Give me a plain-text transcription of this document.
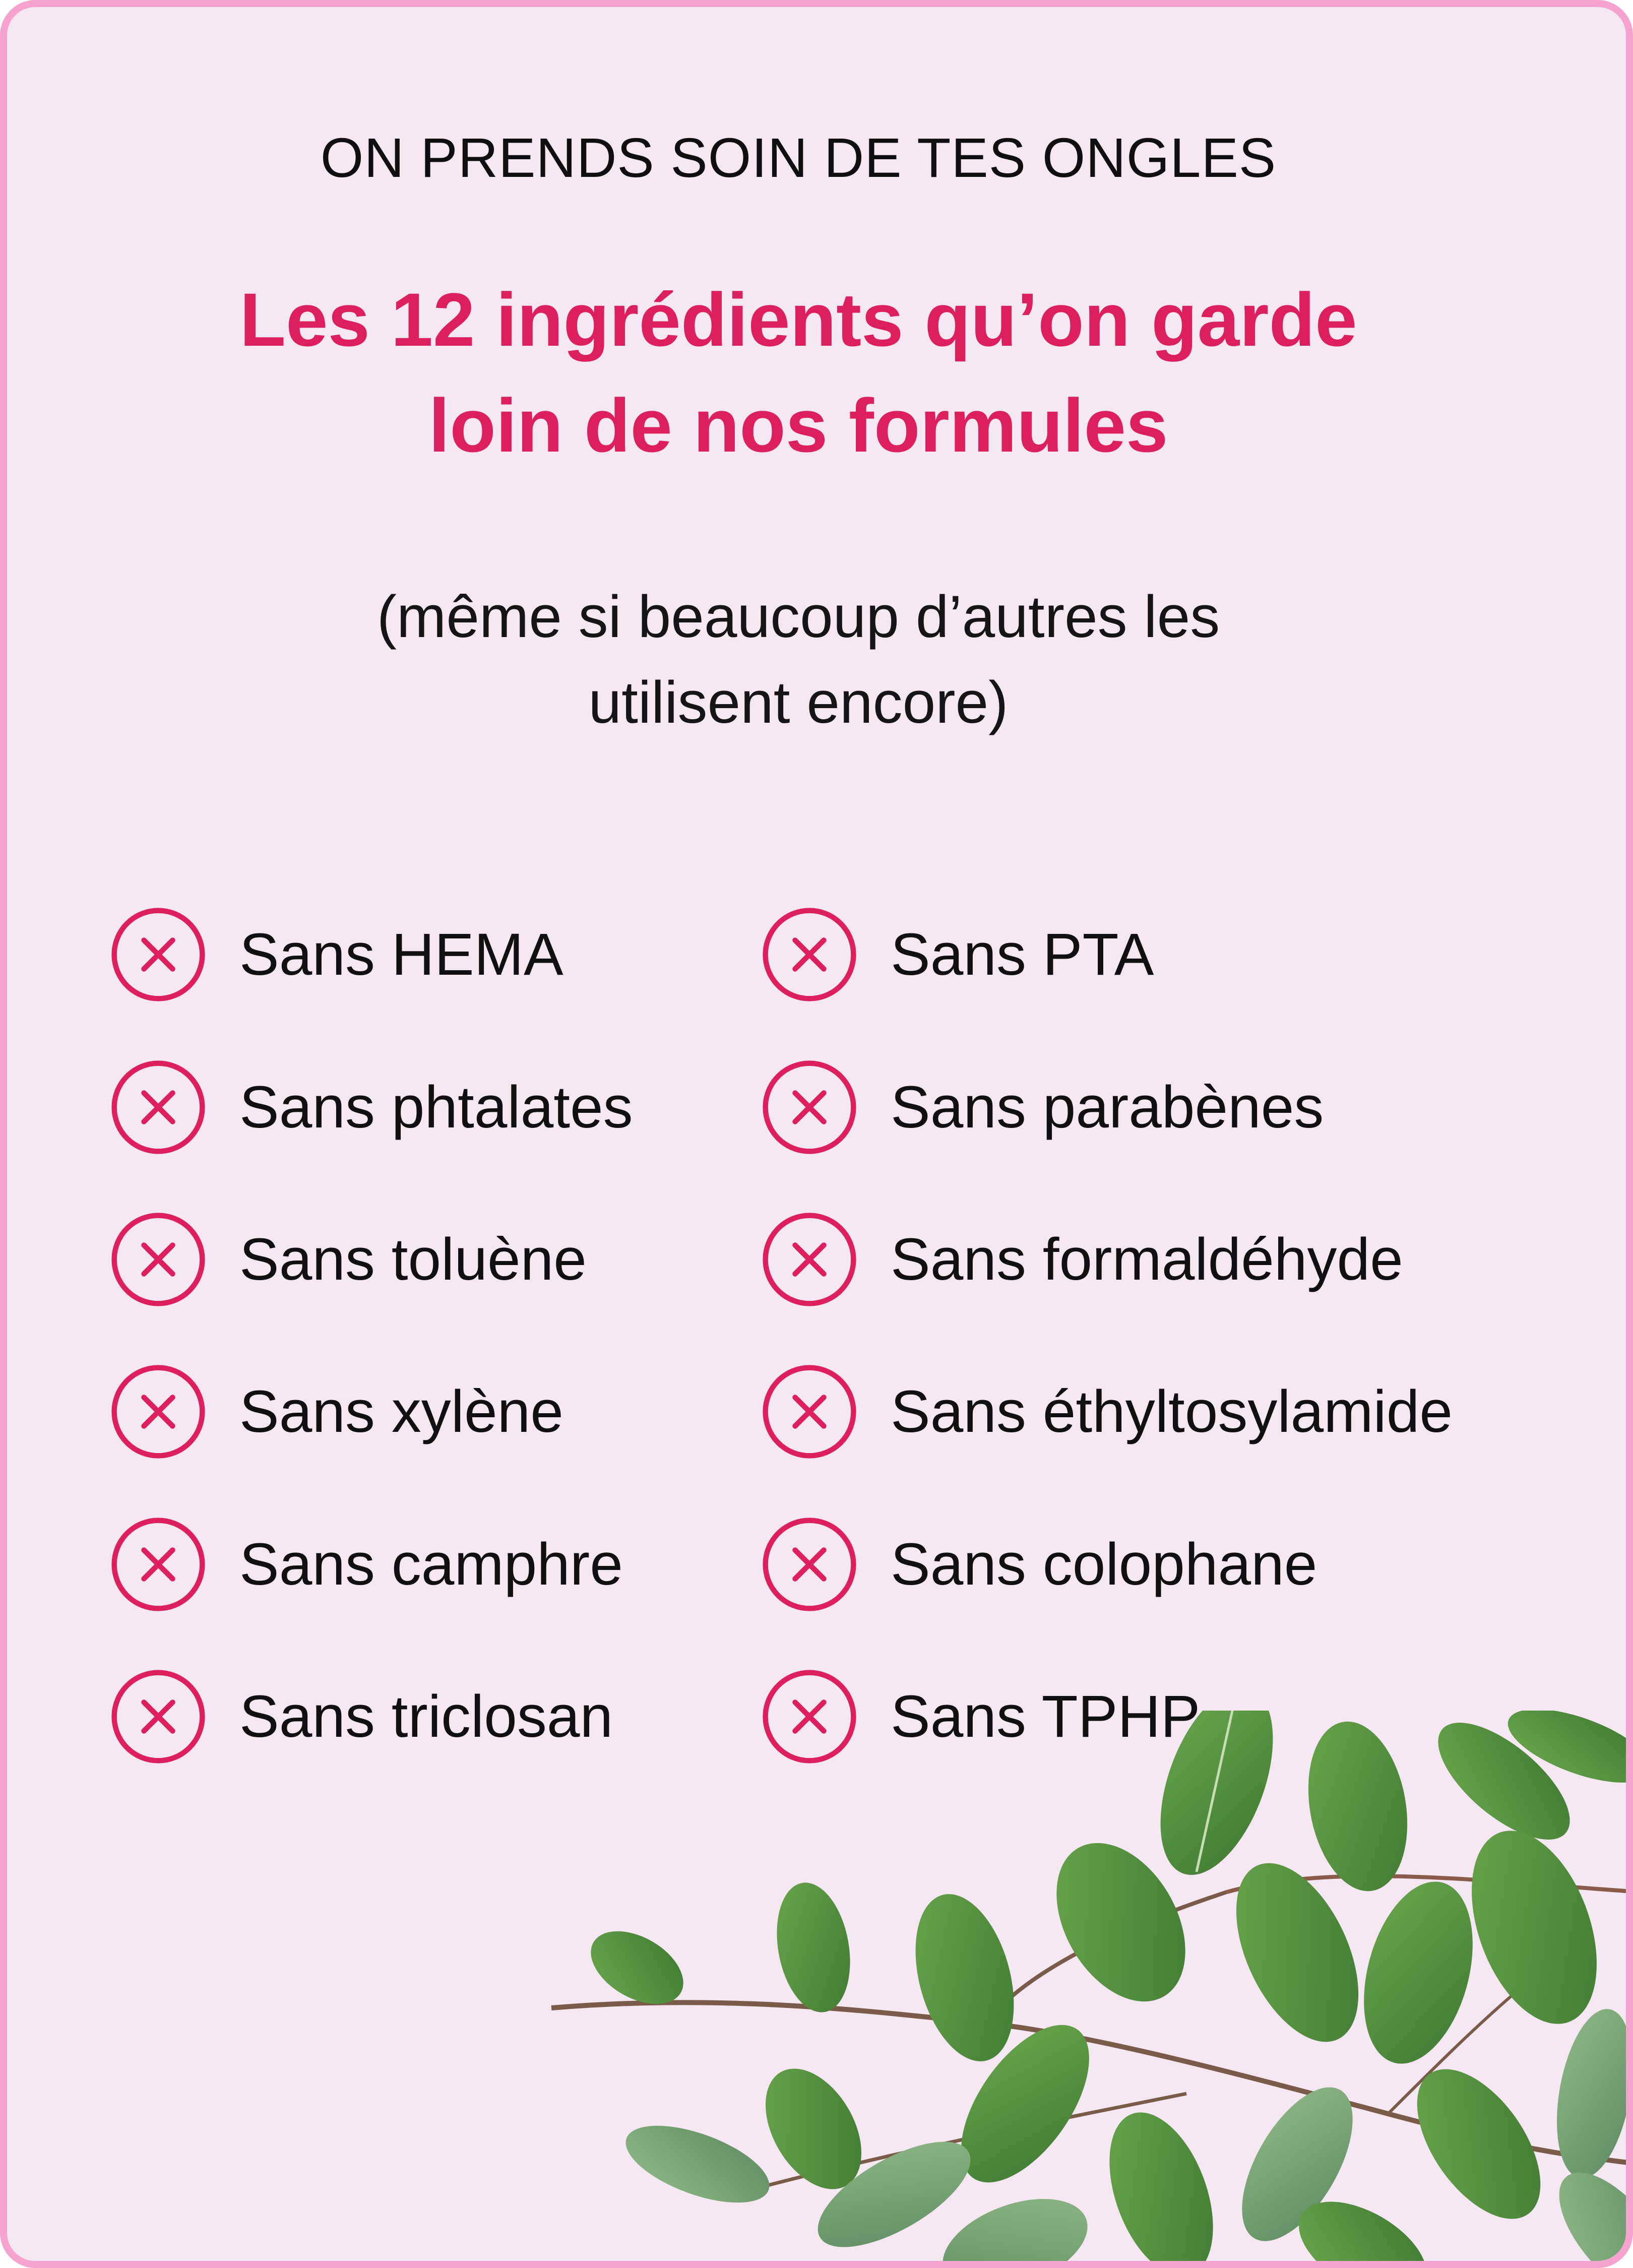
ON PRENDS SOIN DE TES ONGLES
Les 12 ingrédients qu’on garde
loin de nos formules
(même si beaucoup d’autres les
utilisent encore)
Sans HEMA
Sans phtalates
Sans toluène
Sans xylène
Sans camphre
Sans triclosan
Sans PTA
Sans parabènes
Sans formaldéhyde
Sans éthyltosylamide
Sans colophane
Sans TPHP
